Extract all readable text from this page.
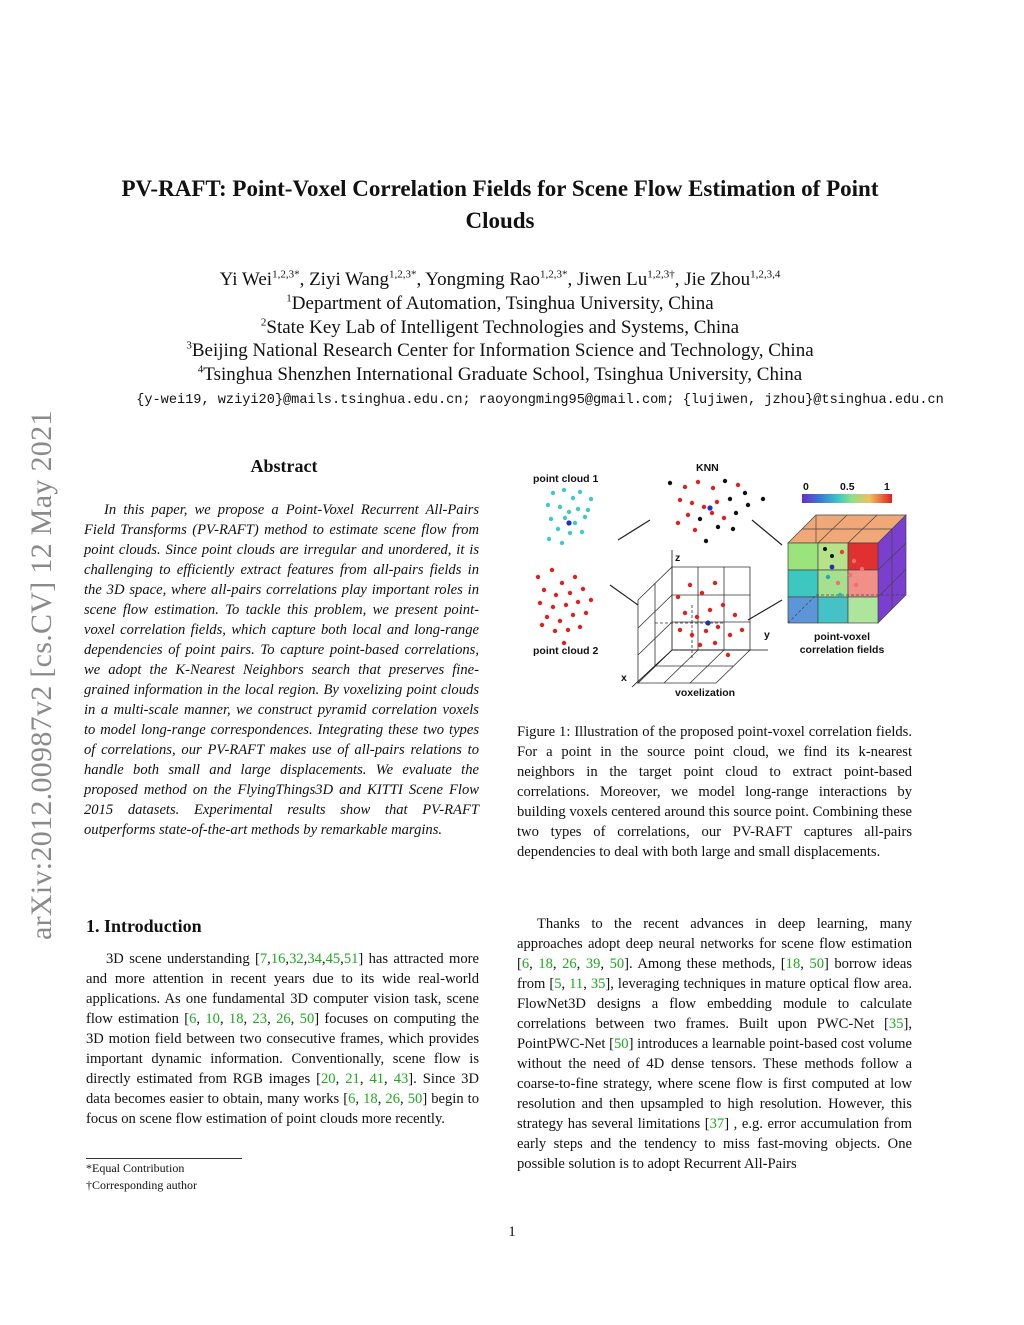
arXiv:2012.00987v2 [cs.CV] 12 May 2021
PV-RAFT: Point-Voxel Correlation Fields for Scene Flow Estimation of Point Clouds
Yi Wei$^{1,2,3*}$, Ziyi Wang$^{1,2,3*}$, Yongming Rao$^{1,2,3*}$, Jiwen $Lu^{1,2,3\dagger}$, Jie Zhou$^{1,2,3,4}$
$^1$Department of Automation, Tsinghua University, China
$^2$State Key Lab of Intelligent Technologies and Systems, China
$^3$Beijing National Research Center for Information Science and Technology, China
$^4$Tsinghua Shenzhen International Graduate School, Tsinghua University, China
{y-wei19, wziyi20}@mails.tsinghua.edu.cn; raoyongming95@gmail.com; {lujiwen, jzhou}@tsinghua.edu.cn
Abstract
In this paper, we propose a Point-Voxel Recurrent All-Pairs Field Transforms (PV-RAFT) method to estimate scene flow from point clouds. Since point clouds are irregular and unordered, it is challenging to efficiently extract features from all-pairs fields in the 3D space, where all-pairs correlations play important roles in scene flow estimation. To tackle this problem, we present point-voxel correlation fields, which capture both local and long-range dependencies of point pairs. To capture point-based correlations, we adopt the K-Nearest Neighbors search that preserves fine-grained information in the local region. By voxelizing point clouds in a multi-scale manner, we construct pyramid correlation voxels to model long-range correspondences. Integrating these two types of correlations, our PV-RAFT makes use of all-pairs relations to handle both small and large displacements. We evaluate the proposed method on the FlyingThings3D and KITTI Scene Flow 2015 datasets. Experimental results show that PV-RAFT outperforms state-of-the-art methods by remarkable margins.
1. Introduction
3D scene understanding [7,16,32,34,45,51] has attracted more and more attention in recent years due to its wide real-world applications. As one fundamental 3D computer vision task, scene flow estimation [6, 10, 18, 23, 26, 50] focuses on computing the 3D motion field between two consecutive frames, which provides important dynamic information. Conventionally, scene flow is directly estimated from RGB images [20, 21, 41, 43]. Since 3D data becomes easier to obtain, many works [6, 18, 26, 50] begin to focus on scene flow estimation of point clouds more recently.
point cloud 1
point cloud 2
KNN
z
y
x
voxelization
0	0.5	1
point-voxel
correlation fields
Figure 1: Illustration of the proposed point-voxel correlation fields. For a point in the source point cloud, we find its k-nearest neighbors in the target point cloud to extract point-based correlations. Moreover, we model long-range interactions by building voxels centered around this source point. Combining these two types of correlations, our PV-RAFT captures all-pairs dependencies to deal with both large and small displacements.
Thanks to the recent advances in deep learning, many approaches adopt deep neural networks for scene flow estimation [6, 18, 26, 39, 50]. Among these methods, [18, 50] borrow ideas from [5, 11, 35], leveraging techniques in mature optical flow area. FlowNet3D designs a flow embedding module to calculate correlations between two frames. Built upon PWC-Net [35], PointPWC-Net [50] introduces a learnable point-based cost volume without the need of 4D dense tensors. These methods follow a coarse-to-fine strategy, where scene flow is first computed at low resolution and then upsampled to high resolution. However, this strategy has several limitations [37] , e.g. error accumulation from early steps and the tendency to miss fast-moving objects. One possible solution is to adopt Recurrent All-Pairs
*Equal Contribution
†Corresponding author
1
